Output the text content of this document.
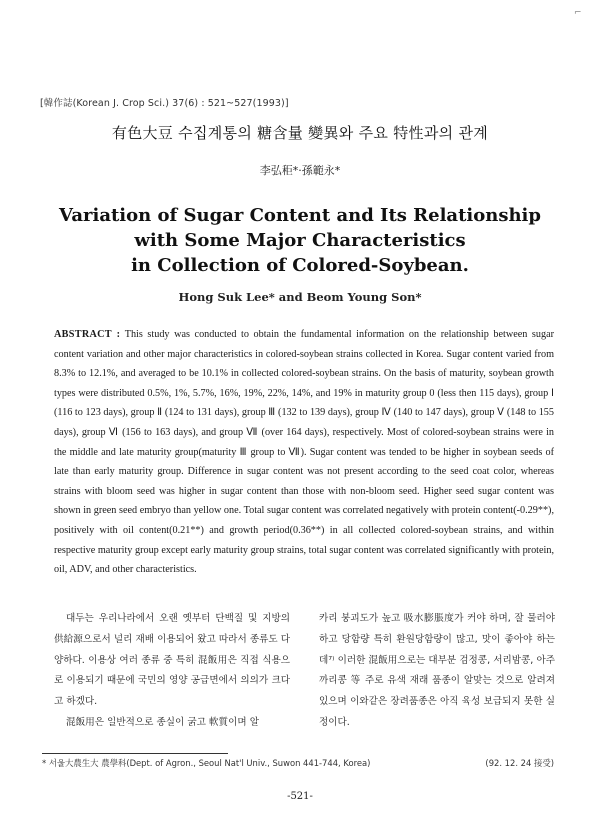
⌐
[韓作誌(Korean J. Crop Sci.) 37(6) : 521~527(1993)]
有色大豆 수집계통의 糖含量 變異와 주요 特性과의 관계
李弘秬*·孫範永*
Variation of Sugar Content and Its Relationship
with Some Major Characteristics
in Collection of Colored-Soybean.
Hong Suk Lee* and Beom Young Son*
ABSTRACT : This study was conducted to obtain the fundamental information on the relationship between sugar content variation and other major characteristics in colored-soybean strains collected in Korea. Sugar content varied from 8.3% to 12.1%, and averaged to be 10.1% in collected colored-soybean strains. On the basis of maturity, soybean growth types were distributed 0.5%, 1%, 5.7%, 16%, 19%, 22%, 14%, and 19% in maturity group 0 (less then 115 days), group Ⅰ (116 to 123 days), group Ⅱ (124 to 131 days), group Ⅲ (132 to 139 days), group Ⅳ (140 to 147 days), group Ⅴ (148 to 155 days), group Ⅵ (156 to 163 days), and group Ⅶ (over 164 days), respectively. Most of colored-soybean strains were in the middle and late maturity group(maturity Ⅲ group to Ⅶ). Sugar content was tended to be higher in soybean seeds of late than early maturity group. Difference in sugar content was not present according to the seed coat color, whereas strains with bloom seed was higher in sugar content than those with non-bloom seed. Higher seed sugar content was shown in green seed embryo than yellow one. Total sugar content was correlated negatively with protein content(-0.29**), positively with oil content(0.21**) and growth period(0.36**) in all collected colored-soybean strains, and within respective maturity group except early maturity group strains, total sugar content was correlated significantly with protein, oil, ADV, and other characteristics.

대두는 우리나라에서 오랜 옛부터 단백질 및 지방의 供給源으로서 널리 재배 이용되어 왔고 따라서 종류도 다양하다. 이용상 여러 종류 중 특히 混飯用은 직접 식용으로 이용되기 때문에 국민의 영양 공급면에서 의의가 크다고 하겠다.

混飯用은 일반적으로 종실이 굵고 軟質이며 알

카리 붕괴도가 높고 吸水膨脹度가 커야 하며, 잘 물러야 하고 당함량 특히 환원당함량이 많고, 맛이 좋아야 하는데⁷⁾ 이러한 混飯用으로는 대부분 검정콩, 서리밤콩, 아주까리콩 等 주로 유색 재래 품종이 알맞는 것으로 알려져 있으며 이와같은 장려품종은 아직 육성 보급되지 못한 실정이다.

* 서울大農生大 農學科(Dept. of Agron., Seoul Nat'l Univ., Suwon 441-744, Korea)	(92. 12. 24 接受)
-521-
